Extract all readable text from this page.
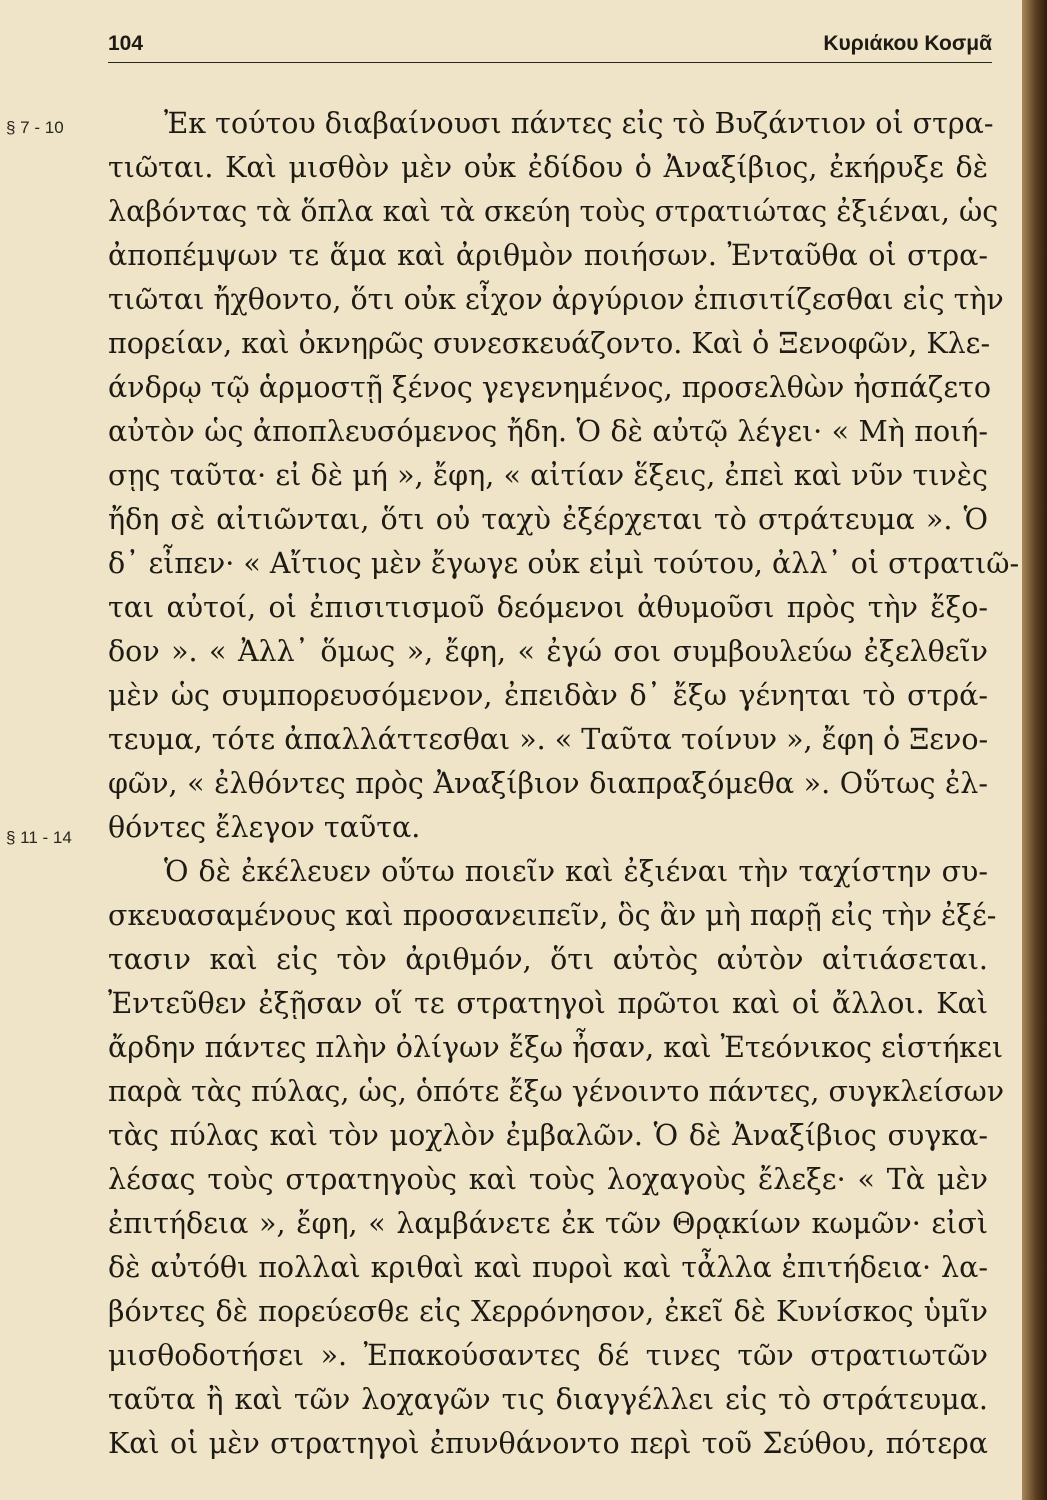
104	Κυριάκου Κοσμᾶ
§ 7 - 10
§ 11 - 14
Ἐκ τούτου διαβαίνουσι πάντες εἰς τὸ Βυζάντιον οἱ στρα-
τιῶται. Καὶ μισθὸν μὲν οὐκ ἐδίδου ὁ Ἀναξίβιος, ἐκήρυξε δὲ
λαβόντας τὰ ὅπλα καὶ τὰ σκεύη τοὺς στρατιώτας ἐξιέναι, ὡς
ἀποπέμψων τε ἅμα καὶ ἀριθμὸν ποιήσων. Ἐνταῦθα οἱ στρα-
τιῶται ἤχθοντο, ὅτι οὐκ εἶχον ἀργύριον ἐπισιτίζεσθαι εἰς τὴν
πορείαν, καὶ ὀκνηρῶς συνεσκευάζοντο. Καὶ ὁ Ξενοφῶν, Κλε-
άνδρῳ τῷ ἁρμοστῇ ξένος γεγενημένος, προσελθὼν ἠσπάζετο
αὐτὸν ὡς ἀποπλευσόμενος ἤδη. Ὁ δὲ αὐτῷ λέγει· « Μὴ ποιή-
σῃς ταῦτα· εἰ δὲ μή », ἔφη, « αἰτίαν ἕξεις, ἐπεὶ καὶ νῦν τινὲς
ἤδη σὲ αἰτιῶνται, ὅτι οὐ ταχὺ ἐξέρχεται τὸ στράτευμα ». Ὁ
δ᾽ εἶπεν· « Αἴτιος μὲν ἔγωγε οὐκ εἰμὶ τούτου, ἀλλ᾽ οἱ στρατιῶ-
ται αὐτοί, οἱ ἐπισιτισμοῦ δεόμενοι ἀθυμοῦσι πρὸς τὴν ἔξο-
δον ». « Ἀλλ᾽ ὅμως », ἔφη, « ἐγώ σοι συμβουλεύω ἐξελθεῖν
μὲν ὡς συμπορευσόμενον, ἐπειδὰν δ᾽ ἔξω γένηται τὸ στρά-
τευμα, τότε ἀπαλλάττεσθαι ». « Ταῦτα τοίνυν », ἔφη ὁ Ξενο-
φῶν, « ἐλθόντες πρὸς Ἀναξίβιον διαπραξόμεθα ». Οὕτως ἐλ-
θόντες ἔλεγον ταῦτα.
Ὁ δὲ ἐκέλευεν οὕτω ποιεῖν καὶ ἐξιέναι τὴν ταχίστην συ-
σκευασαμένους καὶ προσανειπεῖν, ὃς ἂν μὴ παρῇ εἰς τὴν ἐξέ-
τασιν καὶ εἰς τὸν ἀριθμόν, ὅτι αὐτὸς αὐτὸν αἰτιάσεται.
Ἐντεῦθεν ἐξῇσαν οἵ τε στρατηγοὶ πρῶτοι καὶ οἱ ἄλλοι. Καὶ
ἄρδην πάντες πλὴν ὀλίγων ἔξω ἦσαν, καὶ Ἐτεόνικος εἱστήκει
παρὰ τὰς πύλας, ὡς, ὁπότε ἔξω γένοιντο πάντες, συγκλείσων
τὰς πύλας καὶ τὸν μοχλὸν ἐμβαλῶν. Ὁ δὲ Ἀναξίβιος συγκα-
λέσας τοὺς στρατηγοὺς καὶ τοὺς λοχαγοὺς ἔλεξε· « Τὰ μὲν
ἐπιτήδεια », ἔφη, « λαμβάνετε ἐκ τῶν Θρᾳκίων κωμῶν· εἰσὶ
δὲ αὐτόθι πολλαὶ κριθαὶ καὶ πυροὶ καὶ τἆλλα ἐπιτήδεια· λα-
βόντες δὲ πορεύεσθε εἰς Χερρόνησον, ἐκεῖ δὲ Κυνίσκος ὑμῖν
μισθοδοτήσει ». Ἐπακούσαντες δέ τινες τῶν στρατιωτῶν
ταῦτα ἢ καὶ τῶν λοχαγῶν τις διαγγέλλει εἰς τὸ στράτευμα.
Καὶ οἱ μὲν στρατηγοὶ ἐπυνθάνοντο περὶ τοῦ Σεύθου, πότερα
